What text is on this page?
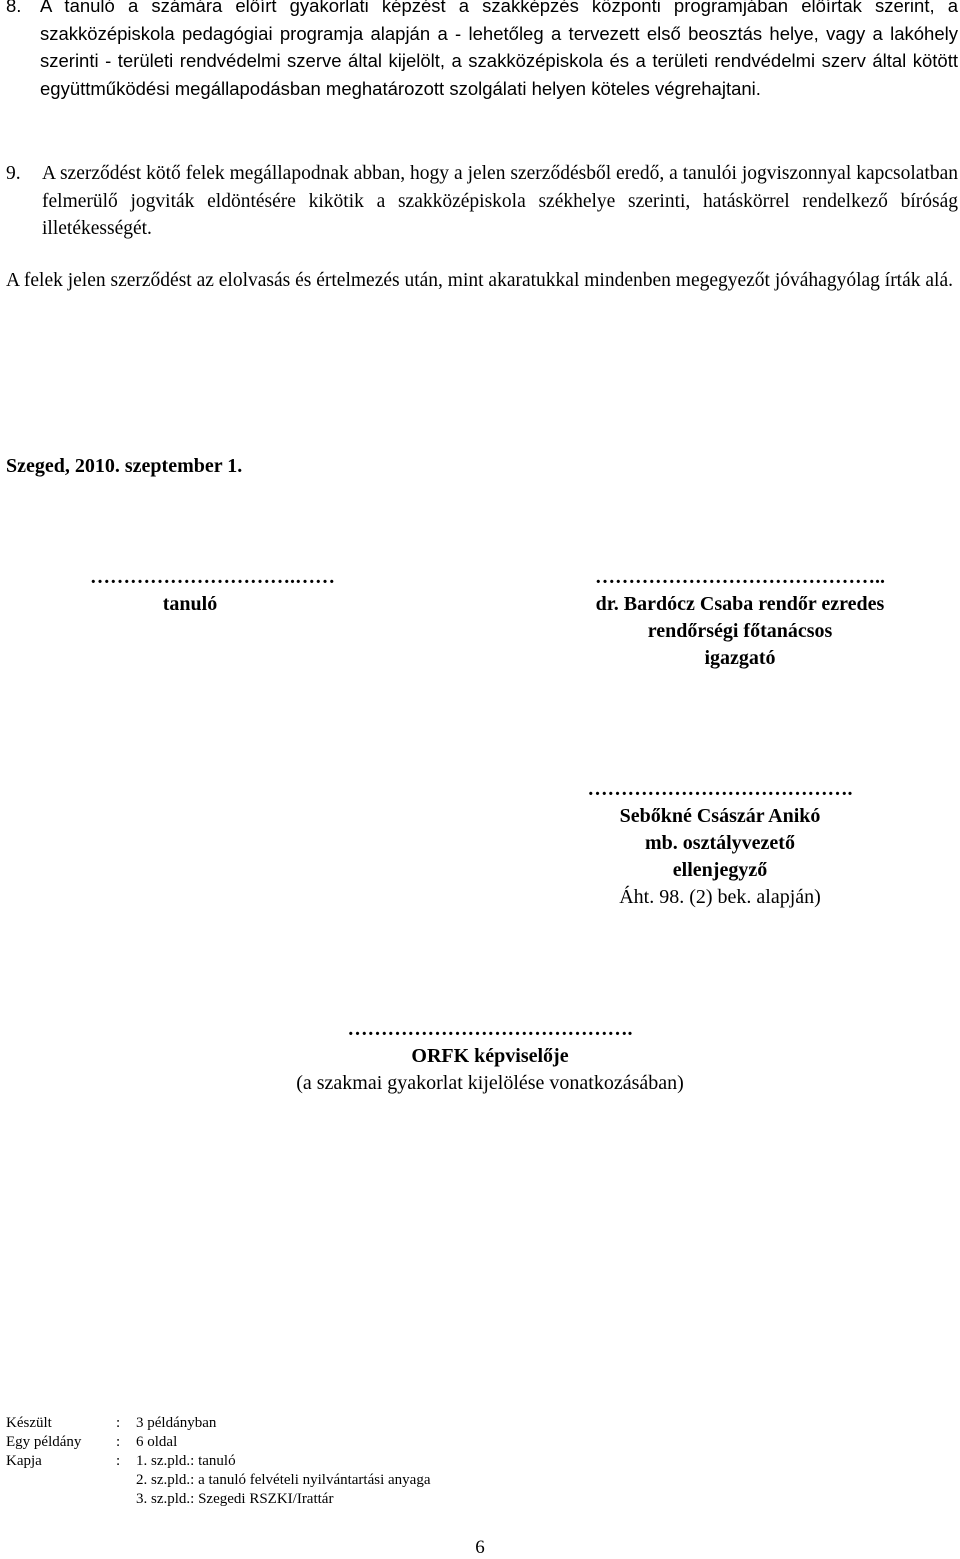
8. A tanuló a számára előírt gyakorlati képzést a szakképzés központi programjában előírtak szerint, a szakközépiskola pedagógiai programja alapján a - lehetőleg a tervezett első beosztás helye, vagy a lakóhely szerinti - területi rendvédelmi szerve által kijelölt, a szakközépiskola és a területi rendvédelmi szerv által kötött együttműködési megállapodásban meghatározott szolgálati helyen köteles végrehajtani.
9. A szerződést kötő felek megállapodnak abban, hogy a jelen szerződésből eredő, a tanulói jogviszonnyal kapcsolatban felmerülő jogviták eldöntésére kikötik a szakközépiskola székhelye szerinti, hatáskörrel rendelkező bíróság illetékességét.
A felek jelen szerződést az elolvasás és értelmezés után, mint akaratukkal mindenben megegyezőt jóváhagyólag írták alá.
Szeged, 2010. szeptember 1.
………………………….……
tanuló
……………………………………..
dr. Bardócz Csaba rendőr ezredes
rendőrségi főtanácsos
igazgató
………………………………….
Sebőkné Császár Anikó
mb. osztályvezető
ellenjegyző
Áht. 98. (2) bek. alapján)
…………………………………….
ORFK képviselője
(a szakmai gyakorlat kijelölése vonatkozásában)
Készült	:	3 példányban
Egy példány	:	6 oldal
Kapja	:	1. sz.pld.: tanuló
2. sz.pld.: a tanuló felvételi nyilvántartási anyaga
3. sz.pld.: Szegedi RSZKI/Irattár
6
